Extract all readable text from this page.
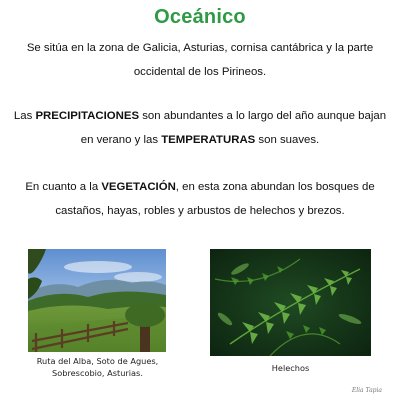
Oceánico

Se sitúa en la zona de Galicia, Asturias, cornisa cantábrica y la parte occidental de los Pirineos.

Las PRECIPITACIONES son abundantes a lo largo del año aunque bajan en verano y las TEMPERATURAS son suaves.

En cuanto a la VEGETACIÓN, en esta zona abundan los bosques de castaños, hayas, robles y arbustos de helechos y brezos.

Ruta del Alba, Soto de Agues,
Sobrescobio, Asturias.	Helechos
Elia Tapia
